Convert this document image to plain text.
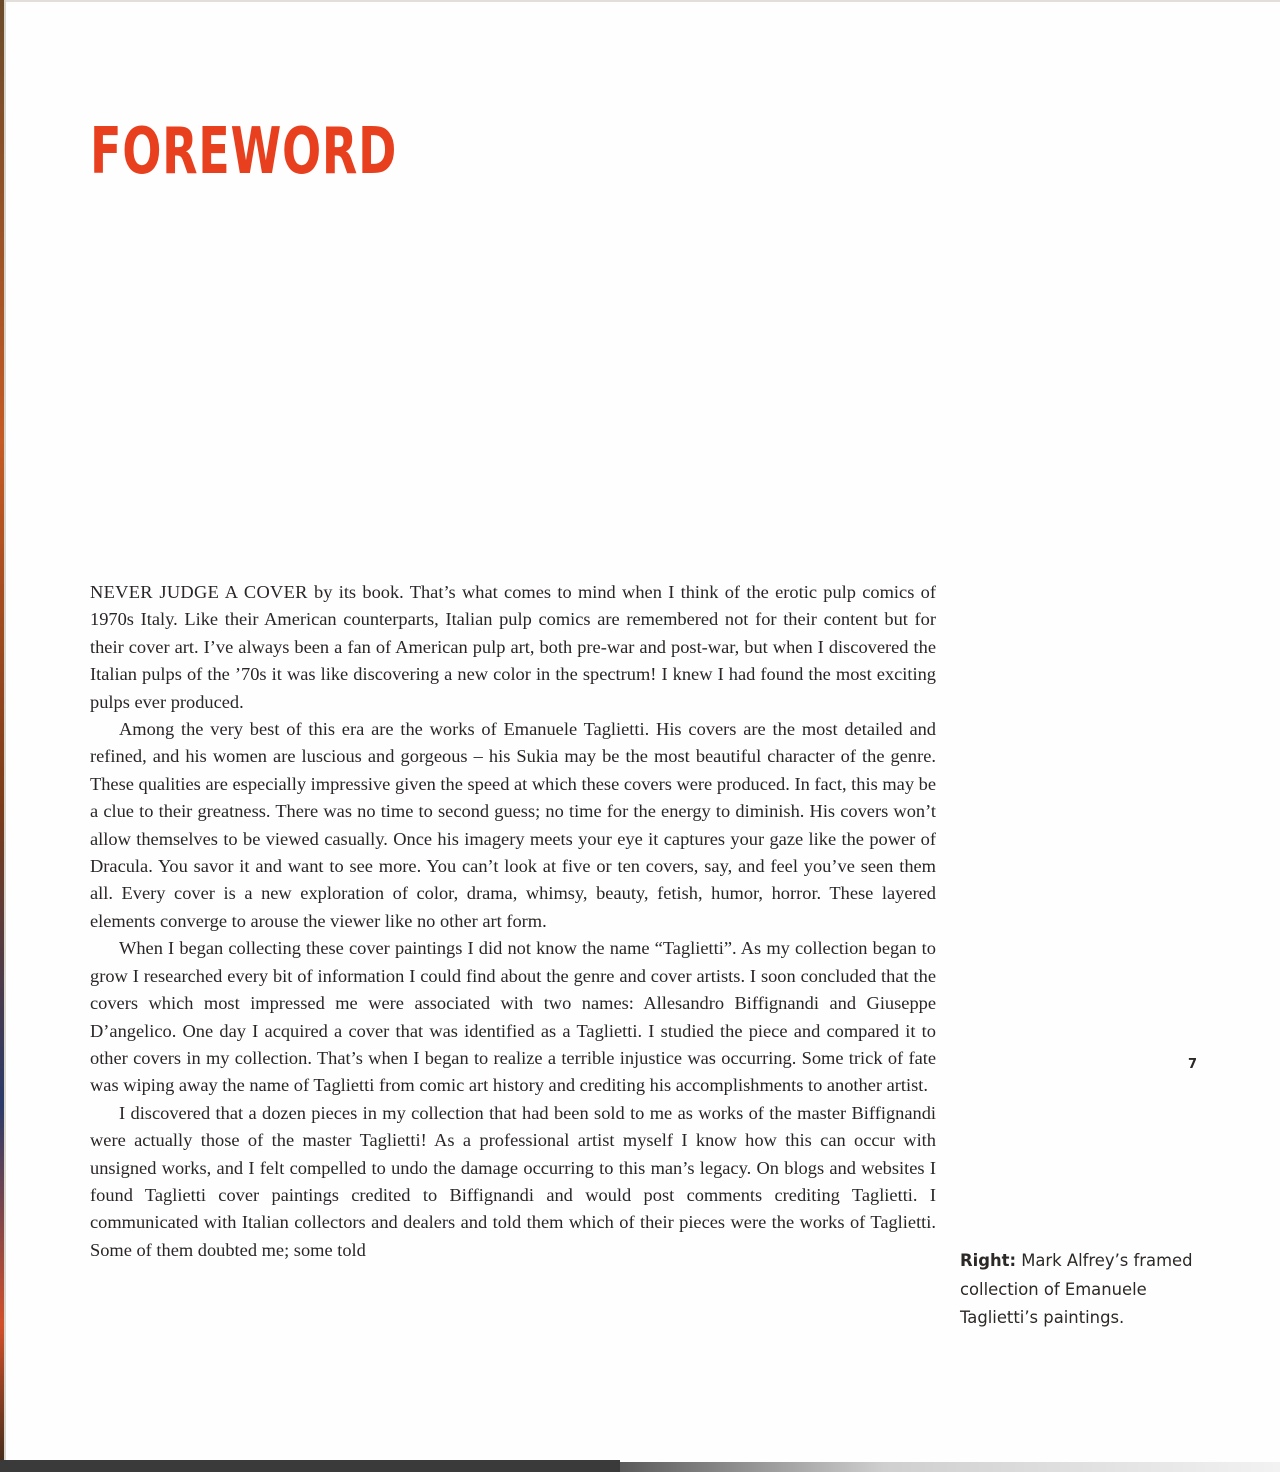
FOREWORD

NEVER JUDGE A COVER by its book. That’s what comes to mind when I think of the erotic pulp comics of 1970s Italy. Like their American counterparts, Italian pulp comics are remembered not for their content but for their cover art. I’ve always been a fan of American pulp art, both pre-war and post-war, but when I discovered the Italian pulps of the ’70s it was like discovering a new color in the spectrum! I knew I had found the most exciting pulps ever produced.

Among the very best of this era are the works of Emanuele Taglietti. His covers are the most detailed and refined, and his women are luscious and gorgeous – his Sukia may be the most beautiful character of the genre. These qualities are especially impressive given the speed at which these covers were produced. In fact, this may be a clue to their greatness. There was no time to second guess; no time for the energy to diminish. His covers won’t allow themselves to be viewed casually. Once his imagery meets your eye it captures your gaze like the power of Dracula. You savor it and want to see more. You can’t look at five or ten covers, say, and feel you’ve seen them all. Every cover is a new exploration of color, drama, whimsy, beauty, fetish, humor, horror. These layered elements converge to arouse the viewer like no other art form.

When I began collecting these cover paintings I did not know the name “Taglietti”. As my collection began to grow I researched every bit of information I could find about the genre and cover artists. I soon concluded that the covers which most impressed me were associated with two names: Allesandro Biffignandi and Giuseppe D’angelico. One day I acquired a cover that was identified as a Taglietti. I studied the piece and compared it to other covers in my collection. That’s when I began to realize a terrible injustice was occurring. Some trick of fate was wiping away the name of Taglietti from comic art history and crediting his accomplishments to another artist.

I discovered that a dozen pieces in my collection that had been sold to me as works of the master Biffignandi were actually those of the master Taglietti! As a professional artist myself I know how this can occur with unsigned works, and I felt compelled to undo the damage occurring to this man’s legacy. On blogs and websites I found Taglietti cover paintings credited to Biffignandi and would post comments crediting Taglietti. I communicated with Italian collectors and dealers and told them which of their pieces were the works of Taglietti. Some of them doubted me; some told

Right: Mark Alfrey’s framed collection of Emanuele Taglietti’s paintings.
7
